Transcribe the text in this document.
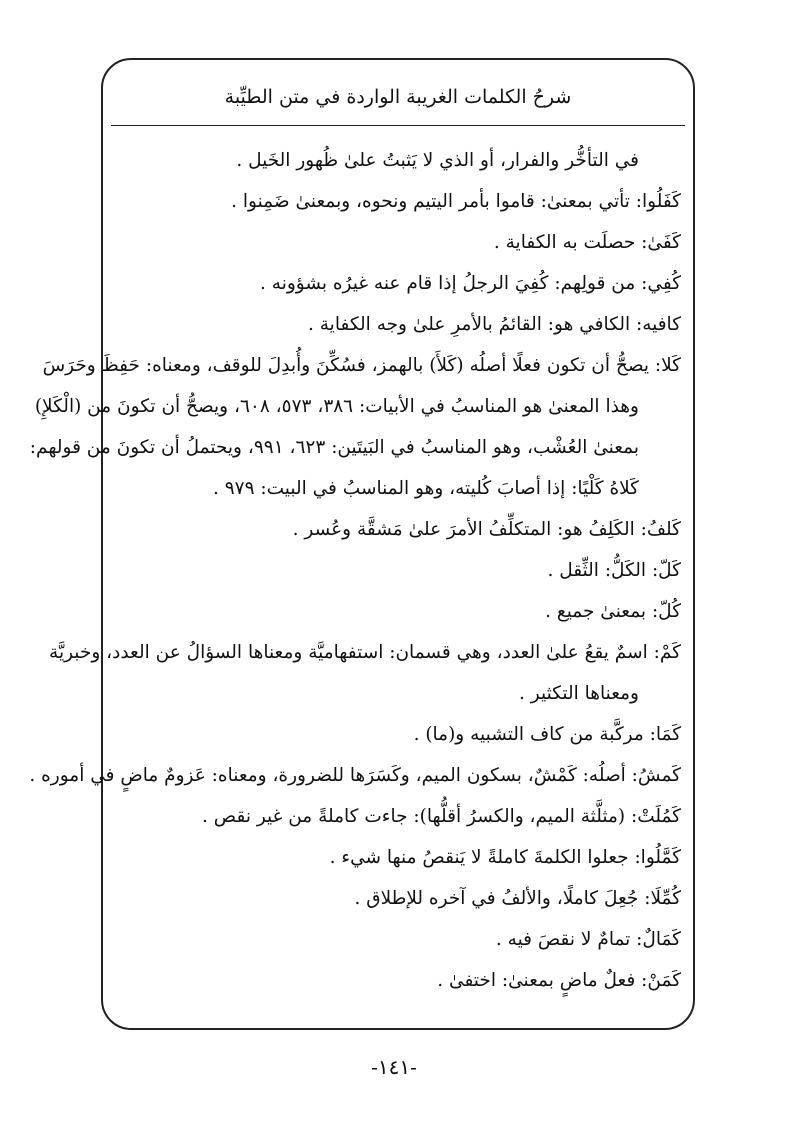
شرحُ الكلمات الغريبة الواردة في متن الطيِّبة
في التأخُّر والفرار، أو الذي لا يَثبتُ علىٰ ظُهور الخَيل .
كَفَلُوا: تأتي بمعنىٰ: قاموا بأمر اليتيم ونحوه، وبمعنىٰ ضَمِنوا .
كَفَىٰ: حصلَت به الكفاية .
كُفِي: من قولِهم: كُفِيَ الرجلُ إذا قام عنه غيرُه بشؤونه .
كافيه: الكافي هو: القائمُ بالأمرِ علىٰ وجه الكفاية .
كَلا: يصحُّ أن تكون فعلًا أصلُه (كَلأَ) بالهمز، فسُكِّنَ وأُبدِلَ للوقف، ومعناه: حَفِظَ وحَرَسَ
وهذا المعنىٰ هو المناسبُ في الأبيات: ٣٨٦، ٥٧٣، ٦٠٨، ويصحُّ أن تكونَ من (الْكَلإِ)
بمعنىٰ العُشْب، وهو المناسبُ في البَيتَين: ٦٢٣، ٩٩١، ويحتملُ أن تكونَ من قولهم:
كَلاهُ كَلْيًا: إذا أصابَ كُليته، وهو المناسبُ في البيت: ٩٧٩ .
كَلفُ: الكَلِفُ هو: المتكلِّفُ الأمرَ علىٰ مَشقَّة وعُسر .
كَلّ: الكَلُّ: الثِّقل .
كُلّ: بمعنىٰ جميع .
كَمْ: اسمٌ يقعُ علىٰ العدد، وهي قسمان: استفهاميَّة ومعناها السؤالُ عن العدد، وخبريَّة
ومعناها التكثير .
كَمَا: مركَّبة من كاف التشبيه و(ما) .
كَمشُ: أصلُه: كَمْشٌ، بسكون الميم، وكَسَرَها للضرورة، ومعناه: عَزومٌ ماضٍ في أموره .
كَمُلَتْ: (مثلَّثة الميم، والكسرُ أقلُّها): جاءت كاملةً من غير نقص .
كَمَّلُوا: جعلوا الكلمةَ كاملةً لا يَنقصُ منها شيء .
كُمِّلَا: جُعِلَ كاملًا، والألفُ في آخره للإطلاق .
كَمَالٌ: تمامٌ لا نقصَ فيه .
كَمَنْ: فعلٌ ماضٍ بمعنىٰ: اختفىٰ .
-١٤١-
